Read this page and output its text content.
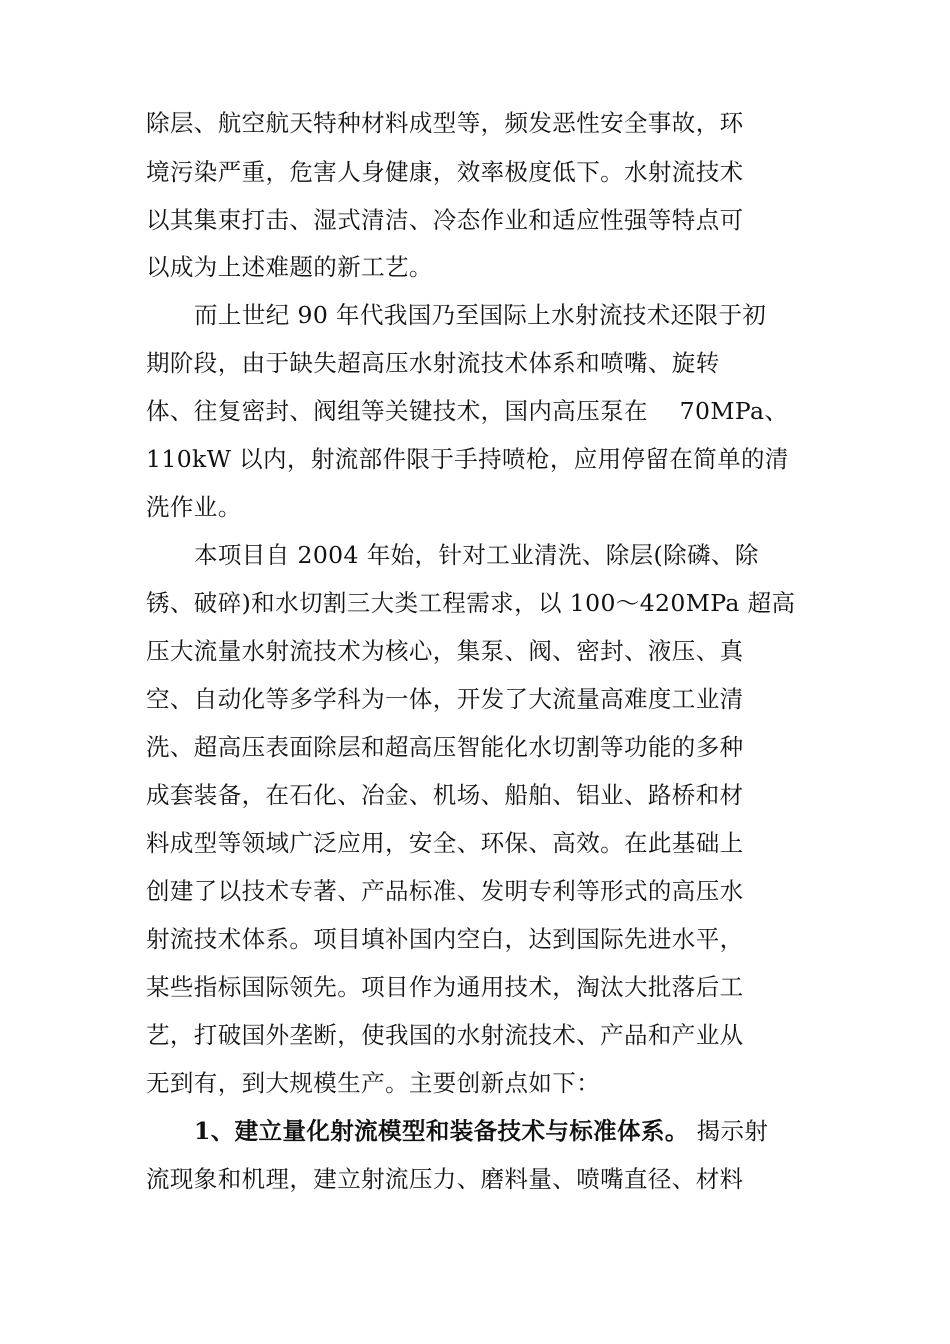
除层、航空航天特种材料成型等，频发恶性安全事故，环
境污染严重，危害人身健康，效率极度低下。水射流技术
以其集束打击、湿式清洁、冷态作业和适应性强等特点可
以成为上述难题的新工艺。
而上世纪 90 年代我国乃至国际上水射流技术还限于初
期阶段，由于缺失超高压水射流技术体系和喷嘴、旋转
体、往复密封、阀组等关键技术，国内高压泵在　 70MPa、
110kW 以内，射流部件限于手持喷枪，应用停留在简单的清
洗作业。
本项目自 2004 年始，针对工业清洗、除层(除磷、除
锈、破碎)和水切割三大类工程需求，以 100～420MPa 超高
压大流量水射流技术为核心，集泵、阀、密封、液压、真
空、自动化等多学科为一体，开发了大流量高难度工业清
洗、超高压表面除层和超高压智能化水切割等功能的多种
成套装备，在石化、冶金、机场、船舶、铝业、路桥和材
料成型等领域广泛应用，安全、环保、高效。在此基础上
创建了以技术专著、产品标准、发明专利等形式的高压水
射流技术体系。项目填补国内空白，达到国际先进水平，
某些指标国际领先。项目作为通用技术，淘汰大批落后工
艺，打破国外垄断，使我国的水射流技术、产品和产业从
无到有，到大规模生产。主要创新点如下：
1、建立量化射流模型和装备技术与标准体系。 揭示射
流现象和机理，建立射流压力、磨料量、喷嘴直径、材料
